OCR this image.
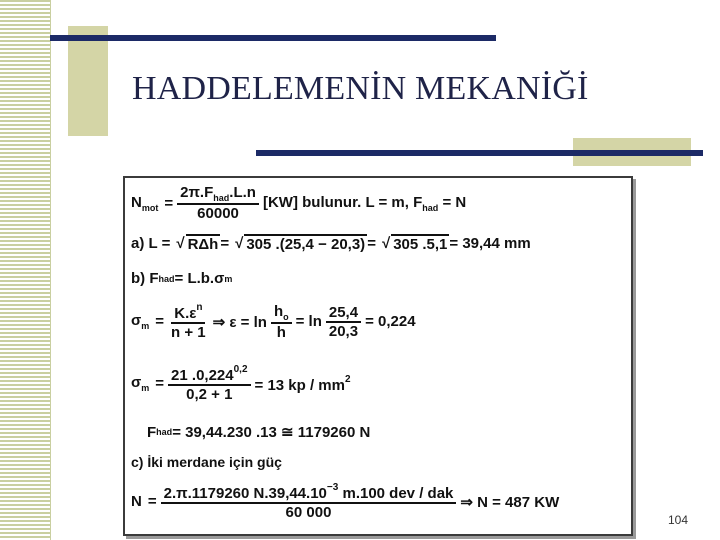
HADDELEMENİN MEKANİĞİ
$N_{mot} = \frac{2\pi.F_{had}.L.n}{60000} [KW]$ bulunur. L = m, $F_{had} = N$
a) L = √ RΔh = √ 305 .(25,4 − 20,3) = √ 305 .5,1 = 39,44 mm
b) F had = L.b.σ m
$\sigma_m = \frac{K.\varepsilon^n}{n + 1}$ ⇒ $\varepsilon = \ln \frac{h_o}{h} = \ln \frac{25,4}{20,3} = 0,224$
$\sigma_m = \frac{21 .0,224^{0,2}}{0,2 + 1} = 13$ kp / $mm^2$
F had = 39,44.230 .13 ≅ 1179260 N
c) İki merdane için güç
$N = \frac{2.\pi.1179260 N.39,44.10^{-3} m.100 dev / dak}{60 000}$ ⇒ N = 487 KW
104
